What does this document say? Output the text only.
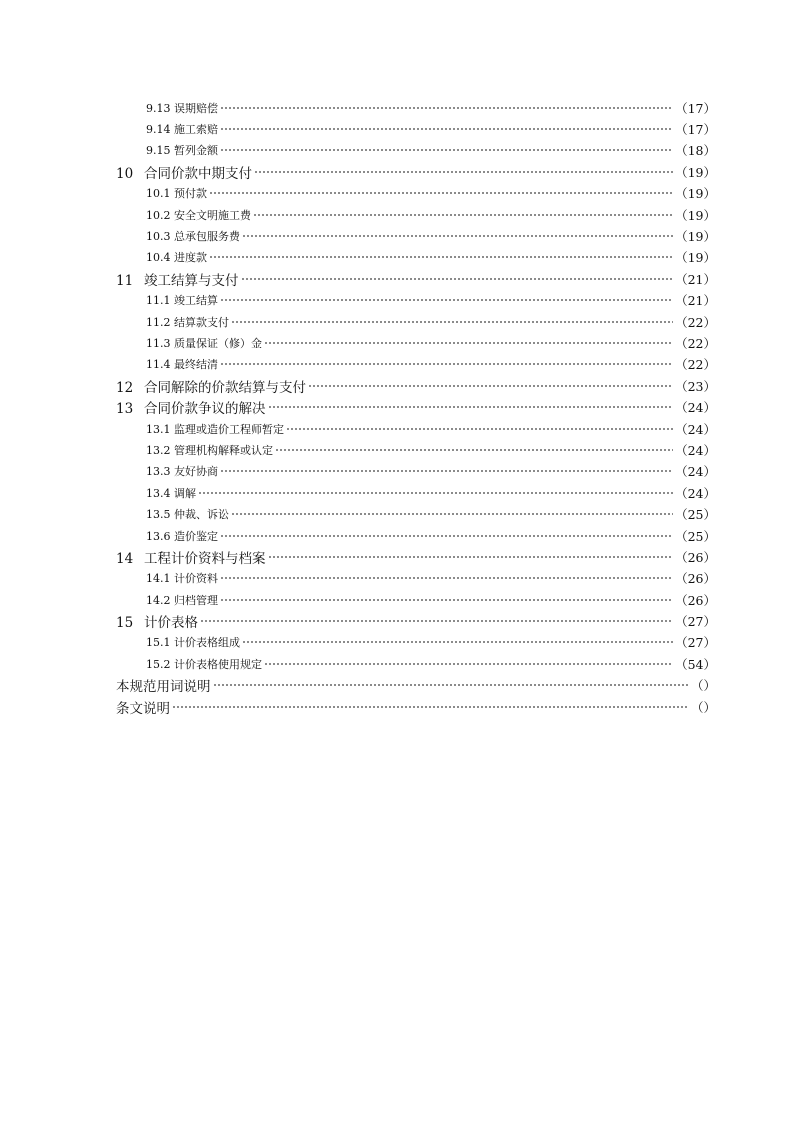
9.13 误期赔偿	（17）
9.14 施工索赔	（17）
9.15 暂列金额	（18）
10 合同价款中期支付	（19）
10.1 预付款	（19）
10.2 安全文明施工费	（19）
10.3 总承包服务费	（19）
10.4 进度款	（19）
11 竣工结算与支付	（21）
11.1 竣工结算	（21）
11.2 结算款支付	（22）
11.3 质量保证（修）金	（22）
11.4 最终结清	（22）
12 合同解除的价款结算与支付	（23）
13 合同价款争议的解决	（24）
13.1 监理或造价工程师暂定	（24）
13.2 管理机构解释或认定	（24）
13.3 友好协商	（24）
13.4 调解	（24）
13.5 仲裁、诉讼	（25）
13.6 造价鉴定	（25）
14 工程计价资料与档案	（26）
14.1 计价资料	（26）
14.2 归档管理	（26）
15 计价表格	（27）
15.1 计价表格组成	（27）
15.2 计价表格使用规定	（54）
本规范用词说明	（）
条文说明	（）
